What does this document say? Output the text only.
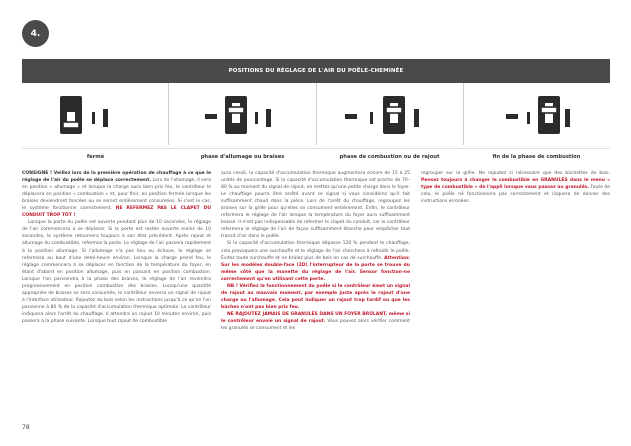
4.
POSITIONS DU RÉGLAGE DE L'AIR DU POÊLE-CHEMINÉE
fermé	phase d'allumage ou braises	phase de combustion ou de rajout	fin de la phase de combustion

CONSIGNE ! Veillez lors de la première opération de chauffage à ce que le réglage de l'air du poêle se déplace correctement. Lors de l'allumage, il sera en position « allumage » et lorsque la charge aura bien pris feu, le contrôleur le déplacera en position « combustion » et, pour finir, en position fermée lorsque les braises deviendront foncées ou se seront entièrement consumées. Si c'est le cas, le système fonctionne correctement. NE REFERMEZ PAS LE CLAPET DU CONDUIT TROP TÔT !

Lorsque la porte du poêle est ouverte pendant plus de 10 secondes, le réglage de l'air commencera à se déplacer. Si la porte est restée ouverte moins de 10 secondes, le système retournera toujours à son état précédent. Après rajout et allumage du combustible, refermez la porte. Le réglage de l'air passera rapidement à la position allumage. Si l'allumage n'a pas lieu ou échoue, le réglage se refermera au bout d'une demi-heure environ. Lorsque la charge prend feu, le réglage commencera à se déplacer en fonction de la température du foyer, en étant d'abord en position allumage, puis en passant en position combustion. Lorsque l'on parviendra à la phase des braises, le réglage de l'air reviendra progressivement en position combustion des braises. Lorsqu'une quantité appropriée de braises se sera consumée, le contrôleur enverra un signal de rajout à l'interface utilisateur. Rajoutez du bois selon les instructions jusqu'à ce qu'on l'on parvienne à 80 % de la capacité d'accumulation thermique optimale. Le contrôleur indiquera alors l'arrêt du chauffage. Il attendra un rajout 10 minutes environ, puis passera à la phase suivante. Lorsque tout rajout de combustible

aura cessé, la capacité d'accumulation thermique augmentera encore de 15 à 25 unités de pourcentage. Si la capacité d'accumulation thermique est proche de 70–80 % au moment du signal de rajout, ne mettez qu'une petite charge dans le foyer. Le chauffage pourra être arrêté avant ce signal si vous considérez qu'il fait suffisamment chaud dans la pièce. Lors de l'arrêt du chauffage, regroupez les braises sur la grille pour qu'elles se consument entièrement. Enfin, le contrôleur refermera le réglage de l'air lorsque la température du foyer aura suffisamment baissé. Il n'est pas indispensable de refermer le clapet du conduit, car le contrôleur refermera le réglage de l'air de façon suffisamment étanche pour empêcher tout transit d'air dans le poêle.

Si la capacité d'accumulation thermique dépasse 120 % pendant le chauffage, cela provoquera une surchauffe et le réglage de l'air cherchera à refroidir le poêle. Évitez toute surchauffe et ne brûlez plus de bois en cas de surchauffe. Attention: Sur les modèles double-face (2D) l'interrupteur de la porte se trouve du même côté que la manette du réglage de l'air. Sensor fonction-ne correctement qu'en utilisant cette porte.

NB ! Vérifiez le fonctionnement du poêle si le contrôleur émet un signal de rajout au mauvais moment, par exemple juste après le rajout d'une charge ou l'allumage. Cela peut indiquer un rajout trop tardif ou que les bûches n'ont pas bien pris feu.

NE RAJOUTEZ JAMAIS DE GRANULÉS DANS UN FOYER BRÛLANT, même si le contrôleur envoie un signal de rajout. Vous pouvez alors vérifier comment les granulés se consument et les

regrouper sur la grille. Ne rajoutez si nécessaire que des bûchettes de bois. Pensez toujours à changer le combustible en GRANULÉS dans le menu « type de combustible » de l'appli lorsque vous passez au granulés. Faute de cela, le poêle ne fonctionnera pas correctement et risquera de donner des instructions erronées.

78
